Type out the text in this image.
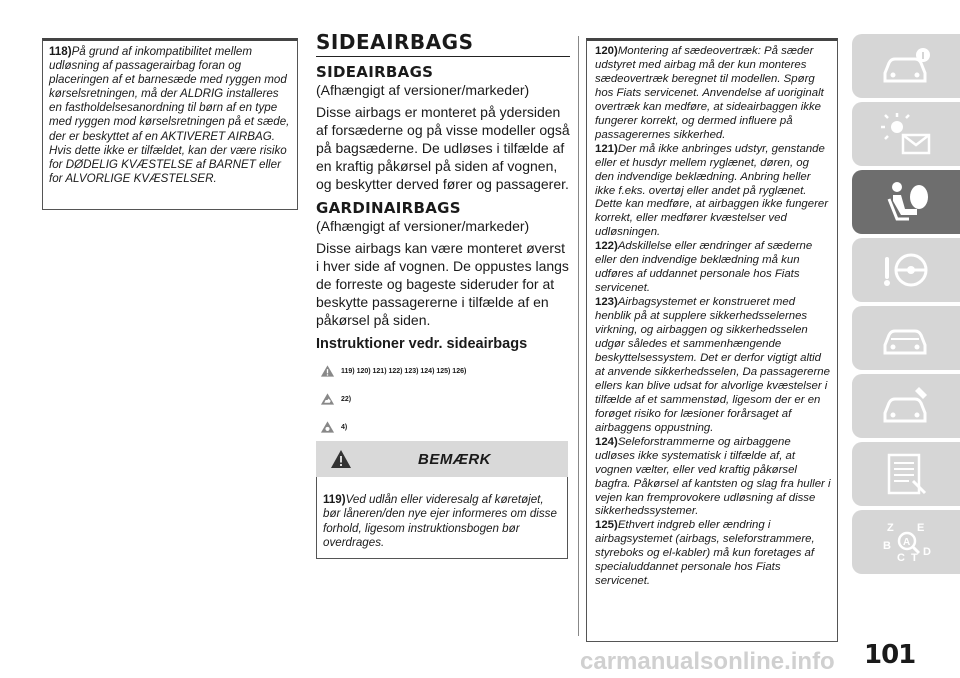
118)På grund af inkompatibilitet mellem udløsning af passagerairbag foran og placeringen af et barnesæde med ryggen mod kørselsretningen, må der ALDRIG installeres en fastholdelsesanordning til børn af en type med ryggen mod kørselsretningen på et sæde, der er beskyttet af en AKTIVERET AIRBAG. Hvis dette ikke er tilfældet, kan der være risiko for DØDELIG KVÆSTELSE af BARNET eller for ALVORLIGE KVÆSTELSER.
SIDEAIRBAGS
SIDEAIRBAGS
(Afhængigt af versioner/markeder)
Disse airbags er monteret på ydersiden af forsæderne og på visse modeller også på bagsæderne. De udløses i tilfælde af en kraftig påkørsel på siden af vognen, og beskytter derved fører og passagerer.
GARDINAIRBAGS
(Afhængigt af versioner/markeder)
Disse airbags kan være monteret øverst i hver side af vognen. De oppustes langs de forreste og bageste sideruder for at beskytte passagererne i tilfælde af en påkørsel på siden.
Instruktioner vedr. sideairbags
119) 120) 121) 122) 123) 124) 125) 126)
22)
4)
BEMÆRK
119)Ved udlån eller videresalg af køretøjet, bør låneren/den nye ejer informeres om disse forhold, ligesom instruktionsbogen bør overdrages.
120)Montering af sædeovertræk: På sæder udstyret med airbag må der kun monteres sædeovertræk beregnet til modellen. Spørg hos Fiats servicenet. Anvendelse af uoriginalt overtræk kan medføre, at sideairbaggen ikke fungerer korrekt, og dermed influere på passagerernes sikkerhed.
121)Der må ikke anbringes udstyr, genstande eller et husdyr mellem ryglænet, døren, og den indvendige beklædning. Anbring heller ikke f.eks. overtøj eller andet på ryglænet. Dette kan medføre, at airbaggen ikke fungerer korrekt, eller medfører kvæstelser ved udløsningen.
122)Adskillelse eller ændringer af sæderne eller den indvendige beklædning må kun udføres af uddannet personale hos Fiats servicenet.
123)Airbagsystemet er konstrueret med henblik på at supplere sikkerhedsselernes virkning, og airbaggen og sikkerhedsselen udgør således et sammenhængende beskyttelsessystem. Det er derfor vigtigt altid at anvende sikkerhedsselen, Da passagererne ellers kan blive udsat for alvorlige kvæstelser i tilfælde af et sammenstød, ligesom der er en forøget risiko for læsioner forårsaget af airbaggens oppustning.
124)Seleforstrammerne og airbaggene udløses ikke systematisk i tilfælde af, at vognen vælter, eller ved kraftig påkørsel bagfra. Påkørsel af kantsten og slag fra huller i vejen kan fremprovokere udløsning af disse sikkerhedssystemer.
125)Ethvert indgreb eller ændring i airbagsystemet (airbags, seleforstrammere, styreboks og el-kabler) må kun foretages af specialuddannet personale hos Fiats servicenet.
Z E
B
C T D
A
carmanualsonline.info 101
